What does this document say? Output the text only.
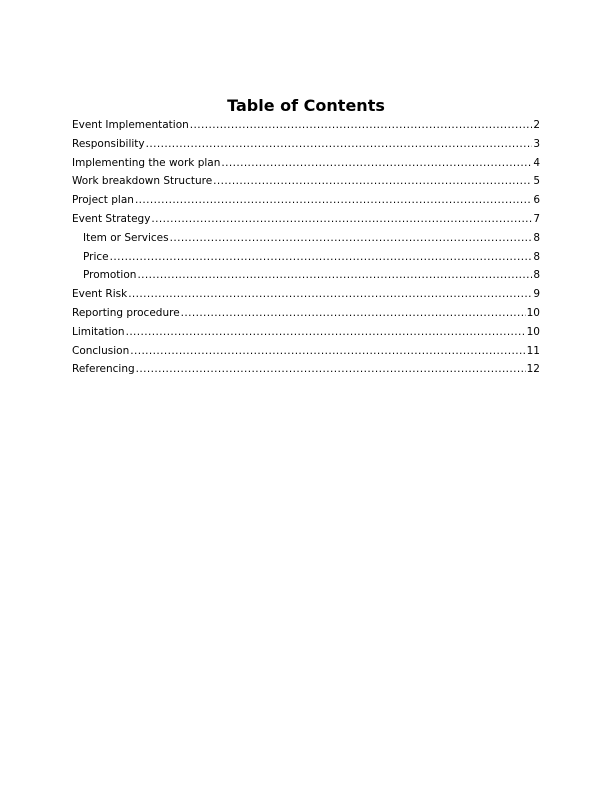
Table of Contents
Event Implementation .....	2
Responsibility .....	3
Implementing the work plan .....	4
Work breakdown Structure .....	5
Project plan .....	6
Event Strategy .....	7
Item or Services .....	8
Price .....	8
Promotion .....	8
Event Risk .....	9
Reporting procedure .....	10
Limitation .....	10
Conclusion .....	11
Referencing .....	12
